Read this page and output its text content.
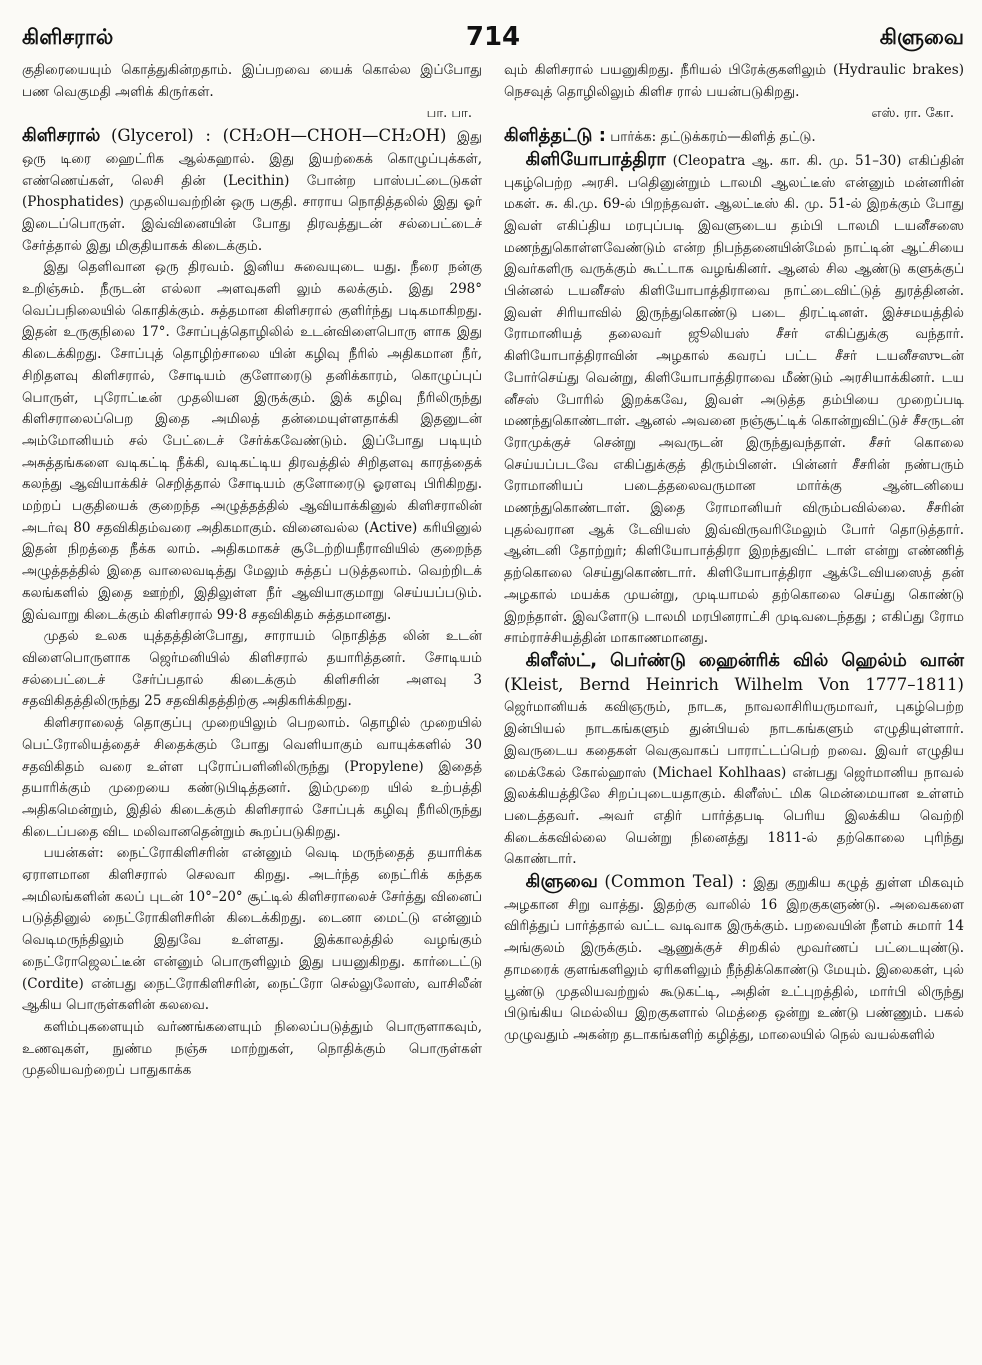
கிளிசரால்	714	கிளுவை

குதிரையையும் கொத்துகின்றதாம். இப்பறவை யைக் கொல்ல இப்போது பண வெகுமதி அளிக் கிருர்கள்.

பா. பா.

கிளிசரால் (Glycerol) : (CH₂OH—CHOH—CH₂OH) இது ஒரு டிரை ஹைட்ரிக ஆல்கஹால். இது இயற்கைக் கொழுப்புக்கள், எண்ணெய்கள், லெசி தின் (Lecithin) போன்ற பாஸ்பட்டைடுகள் (Phosphatides) முதலியவற்றின் ஒரு பகுதி. சாராய நொதித்தலில் இது ஓர் இடைப்பொருள். இவ்வினையின் போது திரவத்துடன் சல்பைட்டைச் சேர்த்தால் இது மிகுதியாகக் கிடைக்கும்.

இது தெளிவான ஒரு திரவம். இனிய சுவையுடை யது. நீரை நன்கு உறிஞ்சும். நீருடன் எல்லா அளவுகளி லும் கலக்கும். இது 298° வெப்பநிலையில் கொதிக்கும். சுத்தமான கிளிசரால் குளிர்ந்து படிகமாகிறது. இதன் உருகுநிலை 17°. சோப்புத்தொழிலில் உடன்விளைபொரு ளாக இது கிடைக்கிறது. சோப்புத் தொழிற்சாலை யின் கழிவு நீரில் அதிகமான நீர், சிறிதளவு கிளிசரால், சோடியம் குளோரைடு தனிக்காரம், கொழுப்புப் பொருள், புரோட்டீன் முதலியன இருக்கும். இக் கழிவு நீரிலிருந்து கிளிசராலைப்பெற இதை அமிலத் தன்மையுள்ளதாக்கி இதனுடன் அம்மோனியம் சல் பேட்டைச் சேர்க்கவேண்டும். இப்போது படியும் அசுத்தங்களை வடிகட்டி நீக்கி, வடிகட்டிய திரவத்தில் சிறிதளவு காரத்தைக் கலந்து ஆவியாக்கிச் செறித்தால் சோடியம் குளோரைடு ஓரளவு பிரிகிறது. மற்றப் பகுதியைக் குறைந்த அழுத்தத்தில் ஆவியாக்கினுல் கிளிசராலின் அடர்வு 80 சதவிகிதம்வரை அதிகமாகும். வினைவல்ல (Active) கரியினுல் இதன் நிறத்தை நீக்க லாம். அதிகமாகச் சூடேற்றியநீராவியில் குறைந்த அழுத்தத்தில் இதை வாலைவடித்து மேலும் சுத்தப் படுத்தலாம். வெற்றிடக் கலங்களில் இதை ஊற்றி, இதிலுள்ள நீர் ஆவியாகுமாறு செய்யப்படும். இவ்வாறு கிடைக்கும் கிளிசரால் 99·8 சதவிகிதம் சுத்தமானது.

முதல் உலக யுத்தத்தின்போது, சாராயம் நொதித்த லின் உடன் விளைபொருளாக ஜெர்மனியில் கிளிசரால் தயாரித்தனர். சோடியம் சல்பைட்டைச் சேர்ப்பதால் கிடைக்கும் கிளிசரின் அளவு 3 சதவிகிதத்திலிருந்து 25 சதவிகிதத்திற்கு அதிகரிக்கிறது.

கிளிசராலைத் தொகுப்பு முறையிலும் பெறலாம். தொழில் முறையில் பெட்ரோலியத்தைச் சிதைக்கும் போது வெளியாகும் வாயுக்களில் 30 சதவிகிதம் வரை உள்ள புரோப்பளினிலிருந்து (Propylene) இதைத் தயாரிக்கும் முறையை கண்டுபிடித்தனர். இம்முறை யில் உற்பத்தி அதிகமென்றும், இதில் கிடைக்கும் கிளிசரால் சோப்புக் கழிவு நீரிலிருந்து கிடைப்பதை விட மலிவானதென்றும் கூறப்படுகிறது.

பயன்கள்: நைட்ரோகிளிசரின் என்னும் வெடி மருந்தைத் தயாரிக்க ஏராளமான கிளிசரால் செலவா கிறது. அடர்ந்த நைட்ரிக் கந்தக அமிலங்களின் கலப் புடன் 10°–20° சூட்டில் கிளிசராலைச் சேர்த்து வினைப் படுத்தினுல் நைட்ரோகிளிசரின் கிடைக்கிறது. டைனா மைட்டு என்னும் வெடிமருந்திலும் இதுவே உள்ளது. இக்காலத்தில் வழங்கும் நைட்ரோஜெலட்டீன் என்னும் பொருளிலும் இது பயனுகிறது. கார்டைட்டு (Cordite) என்பது நைட்ரோகிளிசரின், நைட்ரோ செல்லுலோஸ், வாசிலீன் ஆகிய பொருள்களின் கலவை.

களிம்புகளையும் வர்ணங்களையும் நிலைப்படுத்தும் பொருளாகவும், உணவுகள், நுண்ம நஞ்சு மாற்றுகள், நொதிக்கும் பொருள்கள் முதலியவற்றைப் பாதுகாக்க

வும் கிளிசரால் பயனுகிறது. நீரியல் பிரேக்குகளிலும் (Hydraulic brakes) நெசவுத் தொழிலிலும் கிளிச ரால் பயன்படுகிறது.

எஸ். ரா. கோ.

கிளித்தட்டு : பார்க்க: தட்டுக்கரம்—கிளித் தட்டு.

கிளியோபாத்திரா (Cleopatra ஆ. கா. கி. மு. 51–30) எகிப்தின் புகழ்பெற்ற அரசி. பதிெனுன்றும் டாலமி ஆலட்டீஸ் என்னும் மன்னரின் மகள். சு. கி.மு. 69-ல் பிறந்தவள். ஆலட்டீஸ் கி. மு. 51-ல் இறக்கும் போது இவள் எகிப்திய மரபுப்படி இவளுடைய தம்பி டாலமி டயனீசஸை மணந்துகொள்ளவேண்டும் என்ற நிபந்தனையின்மேல் நாட்டின் ஆட்சியை இவர்களிரு வருக்கும் கூட்டாக வழங்கினர். ஆனல் சில ஆண்டு களுக்குப் பின்னல் டயனீசஸ் கிளியோபாத்திராவை நாட்டைவிட்டுத் துரத்தினன். இவள் சிரியாவில் இருந்துகொண்டு படை திரட்டினள். இச்சமயத்தில் ரோமானியத் தலைவர் ஜூலியஸ் சீசர் எகிப்துக்கு வந்தார். கிளியோபாத்திராவின் அழகால் கவரப் பட்ட சீசர் டயனீசஸுடன் போர்செய்து வென்று, கிளியோபாத்திராவை மீண்டும் அரசியாக்கினர். டய னீசஸ் போரில் இறக்கவே, இவள் அடுத்த தம்பியை முறைப்படி மணந்துகொண்டாள். ஆனல் அவனை நஞ்சூட்டிக் கொன்றுவிட்டுச் சீசருடன் ரோமுக்குச் சென்று அவருடன் இருந்துவந்தாள். சீசர் கொலை செய்யப்படவே எகிப்துக்குத் திரும்பினள். பின்னர் சீசரின் நண்பரும் ரோமானியப் படைத்தலைவருமான மார்க்கு ஆன்டனியை மணந்துகொண்டாள். இதை ரோமானியர் விரும்பவில்லை. சீசரின் புதல்வரான ஆக் டேவியஸ் இவ்விருவரிமேலும் போர் தொடுத்தார். ஆன்டனி தோற்றுர்; கிளியோபாத்திரா இறந்துவிட் டாள் என்று எண்ணித் தற்கொலை செய்துகொண்டார். கிளியோபாத்திரா ஆக்டேவியஸைத் தன் அழகால் மயக்க முயன்று, முடியாமல் தற்கொலை செய்து கொண்டு இறந்தாள். இவளோடு டாலமி மரபினராட்சி முடிவடைந்தது ; எகிப்து ரோம சாம்ராச்சியத்தின் மாகாணமானது.

கிளீஸ்ட், பெர்ண்டு ஹைன்ரிக் வில் ஹெல்ம் வான் (Kleist, Bernd Heinrich Wilhelm Von 1777–1811) ஜெர்மானியக் கவிஞரும், நாடக, நாவலாசிரியருமாவர், புகழ்பெற்ற இன்பியல் நாடகங்களும் துன்பியல் நாடகங்களும் எழுதியுள்ளார். இவருடைய கதைகள் வெகுவாகப் பாராட்டப்பெற் றவை. இவர் எழுதிய மைக்கேல் கோல்ஹாஸ் (Michael Kohlhaas) என்பது ஜெர்மானிய நாவல் இலக்கியத்திலே சிறப்புடையதாகும். கிளீஸ்ட் மிக மென்மையான உள்ளம் படைத்தவர். அவர் எதிர் பார்த்தபடி பெரிய இலக்கிய வெற்றி கிடைக்கவில்லை யென்று நினைத்து 1811-ல் தற்கொலை புரிந்து கொண்டார்.

கிளுவை (Common Teal) : இது குறுகிய கழுத் துள்ள மிகவும் அழகான சிறு வாத்து. இதற்கு வாலில் 16 இறகுகளுண்டு. அவைகளை விரித்துப் பார்த்தால் வட்ட வடிவாக இருக்கும். பறவையின் நீளம் சுமார் 14 அங்குலம் இருக்கும். ஆணுக்குச் சிறகில் மூவர்ணப் பட்டையுண்டு. தாமரைக் குளங்களிலும் ஏரிகளிலும் நீந்திக்கொண்டு மேயும். இலைகள், புல் பூண்டு முதலியவற்றுல் கூடுகட்டி, அதின் உட்புறத்தில், மார்பி லிருந்து பிடுங்கிய மெல்லிய இறகுகளால் மெத்தை ஒன்று உண்டு பண்ணும். பகல் முழுவதும் அகன்ற தடாகங்களிற் கழித்து, மாலையில் நெல் வயல்களில்
